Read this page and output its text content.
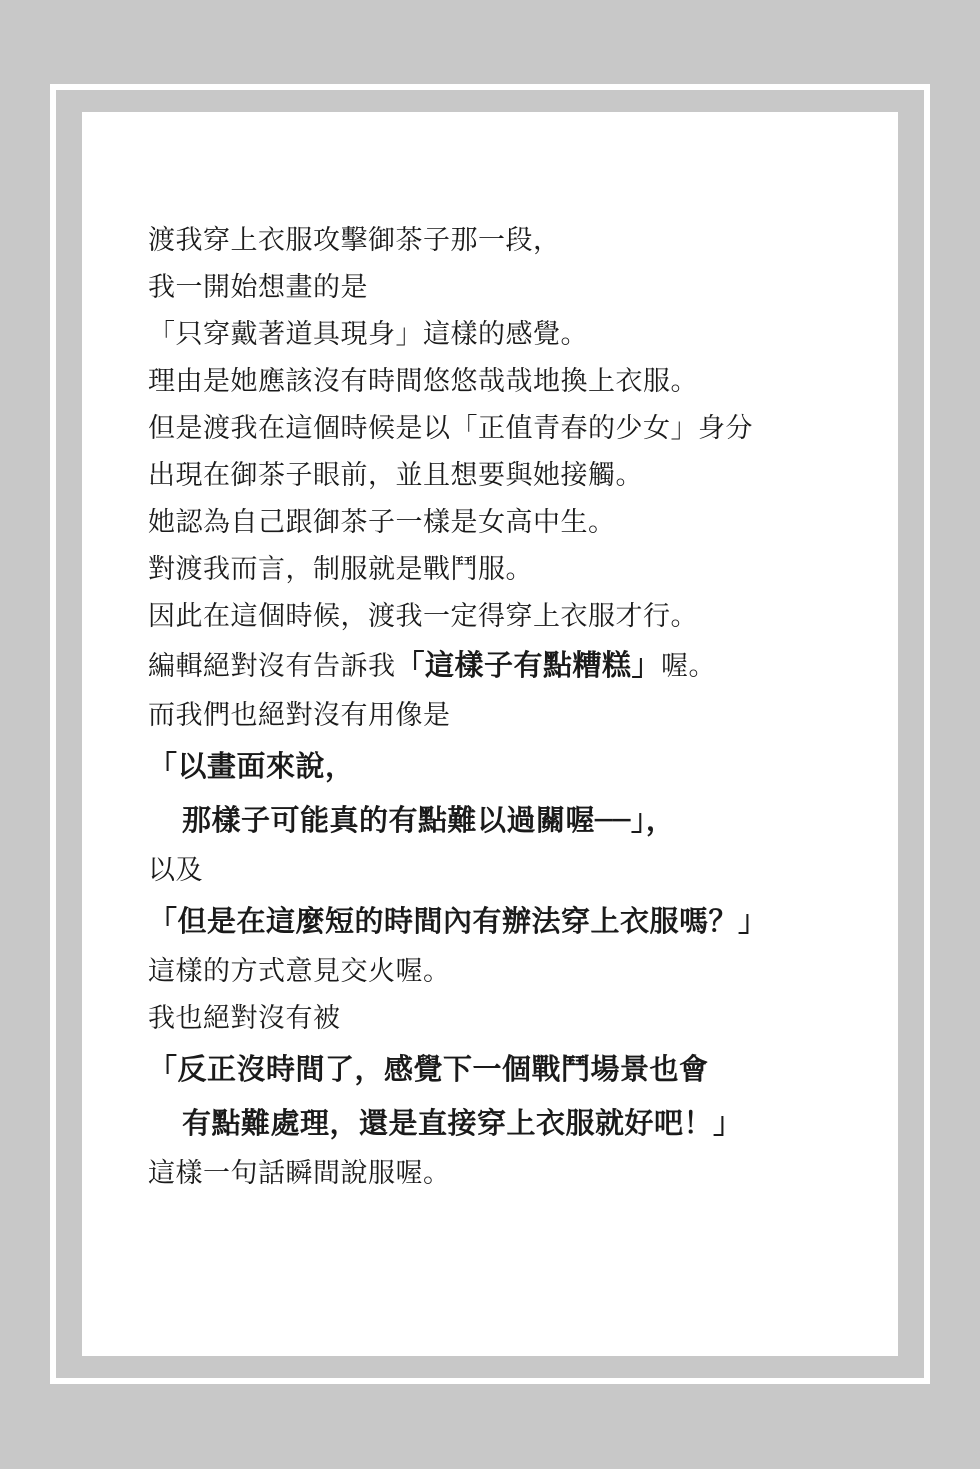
渡我穿上衣服攻擊御茶子那一段，
我一開始想畫的是
「只穿戴著道具現身」這樣的感覺。
理由是她應該沒有時間悠悠哉哉地換上衣服。
但是渡我在這個時候是以「正值青春的少女」身分
出現在御茶子眼前，並且想要與她接觸。
她認為自己跟御茶子一樣是女高中生。
對渡我而言，制服就是戰鬥服。
因此在這個時候，渡我一定得穿上衣服才行。
編輯絕對沒有告訴我「這樣子有點糟糕」喔。
而我們也絕對沒有用像是
「以畫面來說，
那樣子可能真的有點難以過關喔──」，
以及
「但是在這麼短的時間內有辦法穿上衣服嗎？」
這樣的方式意見交火喔。
我也絕對沒有被
「反正沒時間了，感覺下一個戰鬥場景也會
有點難處理，還是直接穿上衣服就好吧！」
這樣一句話瞬間說服喔。
